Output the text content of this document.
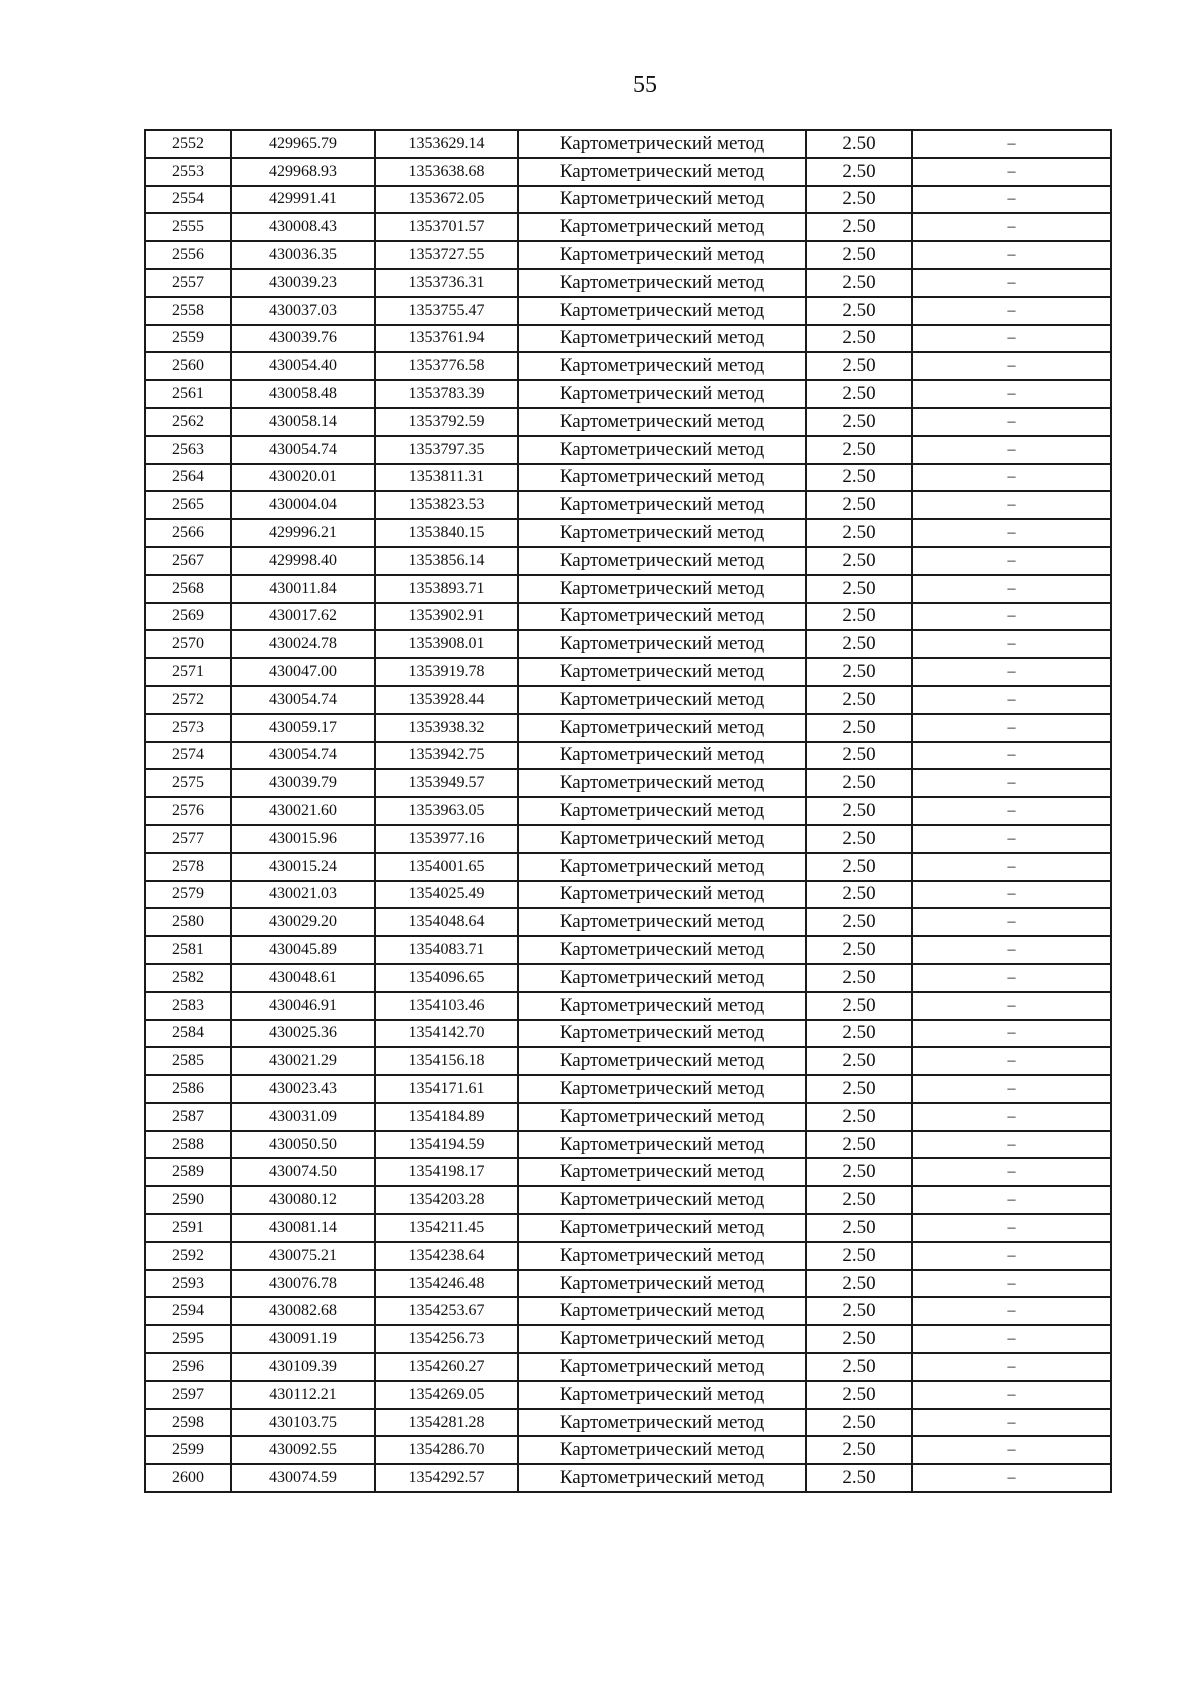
55
2552	429965.79	1353629.14	Картометрический метод	2.50	–
2553	429968.93	1353638.68	Картометрический метод	2.50	–
2554	429991.41	1353672.05	Картометрический метод	2.50	–
2555	430008.43	1353701.57	Картометрический метод	2.50	–
2556	430036.35	1353727.55	Картометрический метод	2.50	–
2557	430039.23	1353736.31	Картометрический метод	2.50	–
2558	430037.03	1353755.47	Картометрический метод	2.50	–
2559	430039.76	1353761.94	Картометрический метод	2.50	–
2560	430054.40	1353776.58	Картометрический метод	2.50	–
2561	430058.48	1353783.39	Картометрический метод	2.50	–
2562	430058.14	1353792.59	Картометрический метод	2.50	–
2563	430054.74	1353797.35	Картометрический метод	2.50	–
2564	430020.01	1353811.31	Картометрический метод	2.50	–
2565	430004.04	1353823.53	Картометрический метод	2.50	–
2566	429996.21	1353840.15	Картометрический метод	2.50	–
2567	429998.40	1353856.14	Картометрический метод	2.50	–
2568	430011.84	1353893.71	Картометрический метод	2.50	–
2569	430017.62	1353902.91	Картометрический метод	2.50	–
2570	430024.78	1353908.01	Картометрический метод	2.50	–
2571	430047.00	1353919.78	Картометрический метод	2.50	–
2572	430054.74	1353928.44	Картометрический метод	2.50	–
2573	430059.17	1353938.32	Картометрический метод	2.50	–
2574	430054.74	1353942.75	Картометрический метод	2.50	–
2575	430039.79	1353949.57	Картометрический метод	2.50	–
2576	430021.60	1353963.05	Картометрический метод	2.50	–
2577	430015.96	1353977.16	Картометрический метод	2.50	–
2578	430015.24	1354001.65	Картометрический метод	2.50	–
2579	430021.03	1354025.49	Картометрический метод	2.50	–
2580	430029.20	1354048.64	Картометрический метод	2.50	–
2581	430045.89	1354083.71	Картометрический метод	2.50	–
2582	430048.61	1354096.65	Картометрический метод	2.50	–
2583	430046.91	1354103.46	Картометрический метод	2.50	–
2584	430025.36	1354142.70	Картометрический метод	2.50	–
2585	430021.29	1354156.18	Картометрический метод	2.50	–
2586	430023.43	1354171.61	Картометрический метод	2.50	–
2587	430031.09	1354184.89	Картометрический метод	2.50	–
2588	430050.50	1354194.59	Картометрический метод	2.50	–
2589	430074.50	1354198.17	Картометрический метод	2.50	–
2590	430080.12	1354203.28	Картометрический метод	2.50	–
2591	430081.14	1354211.45	Картометрический метод	2.50	–
2592	430075.21	1354238.64	Картометрический метод	2.50	–
2593	430076.78	1354246.48	Картометрический метод	2.50	–
2594	430082.68	1354253.67	Картометрический метод	2.50	–
2595	430091.19	1354256.73	Картометрический метод	2.50	–
2596	430109.39	1354260.27	Картометрический метод	2.50	–
2597	430112.21	1354269.05	Картометрический метод	2.50	–
2598	430103.75	1354281.28	Картометрический метод	2.50	–
2599	430092.55	1354286.70	Картометрический метод	2.50	–
2600	430074.59	1354292.57	Картометрический метод	2.50	–
